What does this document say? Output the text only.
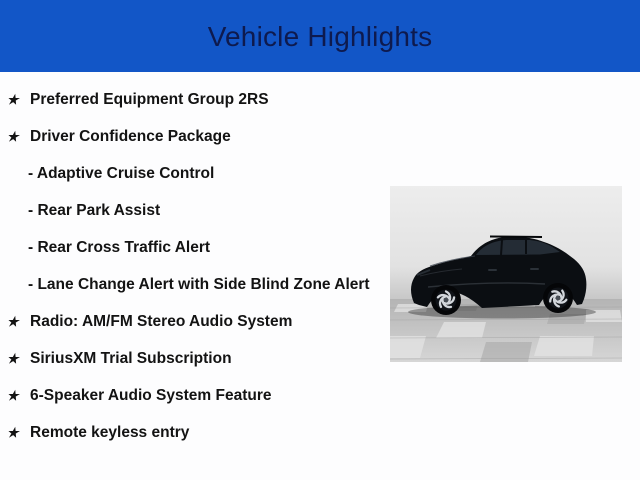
Vehicle Highlights
★ Preferred Equipment Group 2RS
★ Driver Confidence Package
- Adaptive Cruise Control
- Rear Park Assist
- Rear Cross Traffic Alert
- Lane Change Alert with Side Blind Zone Alert
★ Radio: AM/FM Stereo Audio System
★ SiriusXM Trial Subscription
★ 6-Speaker Audio System Feature
★ Remote keyless entry
